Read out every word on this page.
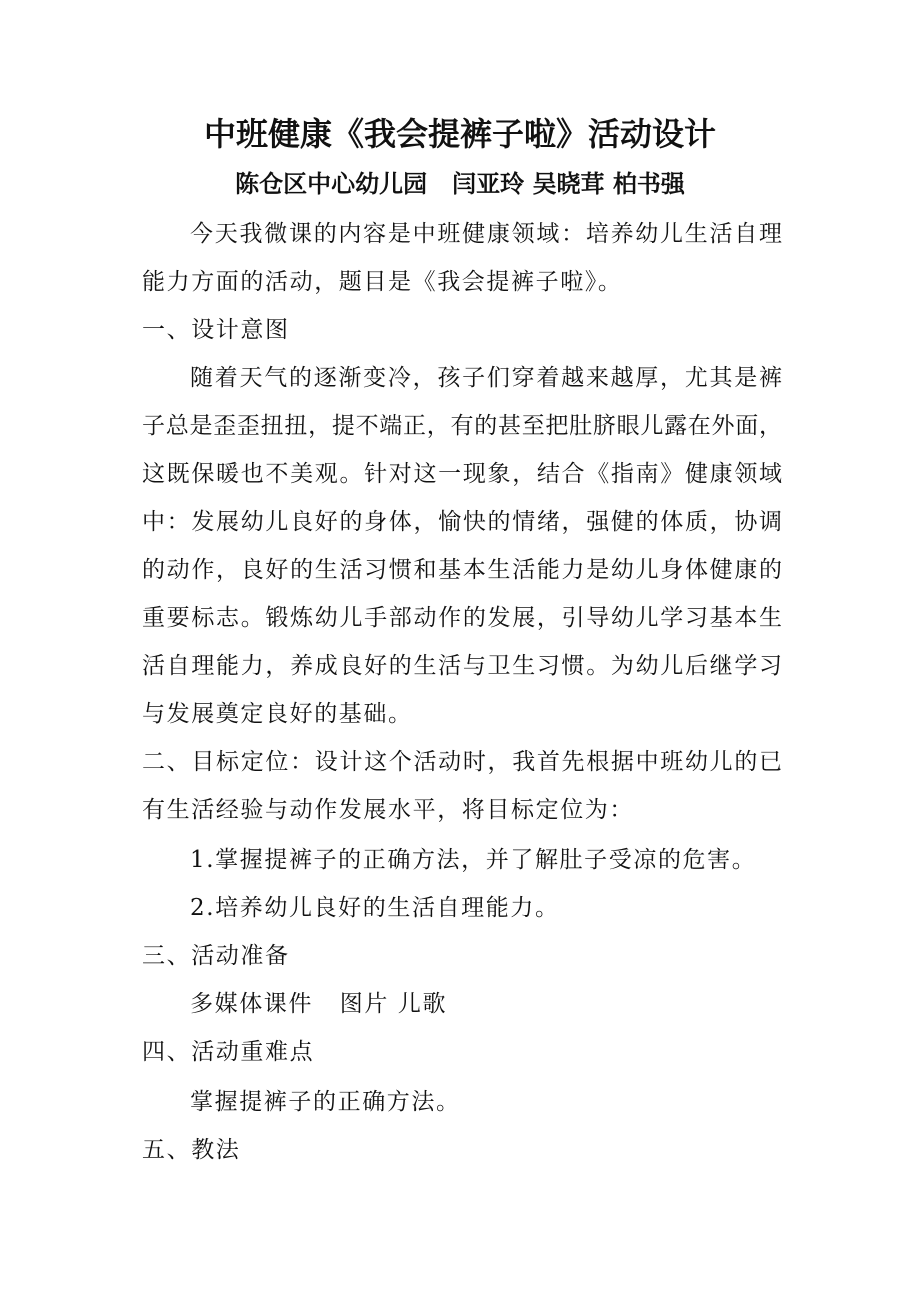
中班健康《我会提裤子啦》活动设计
陈仓区中心幼儿园   闫亚玲 吴晓茸 柏书强
今天我微课的内容是中班健康领域：培养幼儿生活自理
能力方面的活动，题目是《我会提裤子啦》。
一、设计意图
随着天气的逐渐变冷，孩子们穿着越来越厚，尤其是裤
子总是歪歪扭扭，提不端正，有的甚至把肚脐眼儿露在外面，
这既保暖也不美观。针对这一现象，结合《指南》健康领域
中：发展幼儿良好的身体，愉快的情绪，强健的体质，协调
的动作，良好的生活习惯和基本生活能力是幼儿身体健康的
重要标志。锻炼幼儿手部动作的发展，引导幼儿学习基本生
活自理能力，养成良好的生活与卫生习惯。为幼儿后继学习
与发展奠定良好的基础。
二、目标定位：设计这个活动时，我首先根据中班幼儿的已
有生活经验与动作发展水平，将目标定位为：
1.掌握提裤子的正确方法，并了解肚子受凉的危害。
2.培养幼儿良好的生活自理能力。
三、活动准备
多媒体课件   图片 儿歌
四、活动重难点
掌握提裤子的正确方法。
五、教法
